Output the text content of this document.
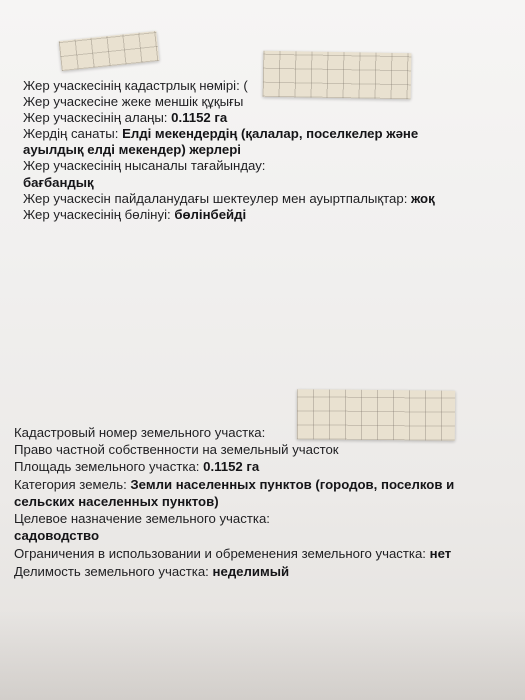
Жер учаскесінің кадастрлық нөмірі: (
Жер учаскесіне жеке меншік құқығы
Жер учаскесінің алаңы: 0.1152 га
Жердің санаты: Елді мекендердің (қалалар, поселкелер және
ауылдық елді мекендер) жерлері
Жер учаскесінің нысаналы тағайындау:
бағбандық
Жер учаскесін пайдаланудағы шектеулер мен ауыртпалықтар: жоқ
Жер учаскесінің бөлінуі: бөлінбейді
Кадастровый номер земельного участка:
Право частной собственности на земельный участок
Площадь земельного участка: 0.1152 га
Категория земель: Земли населенных пунктов (городов, поселков и
сельских населенных пунктов)
Целевое назначение земельного участка:
садоводство
Ограничения в использовании и обременения земельного участка: нет
Делимость земельного участка: неделимый
